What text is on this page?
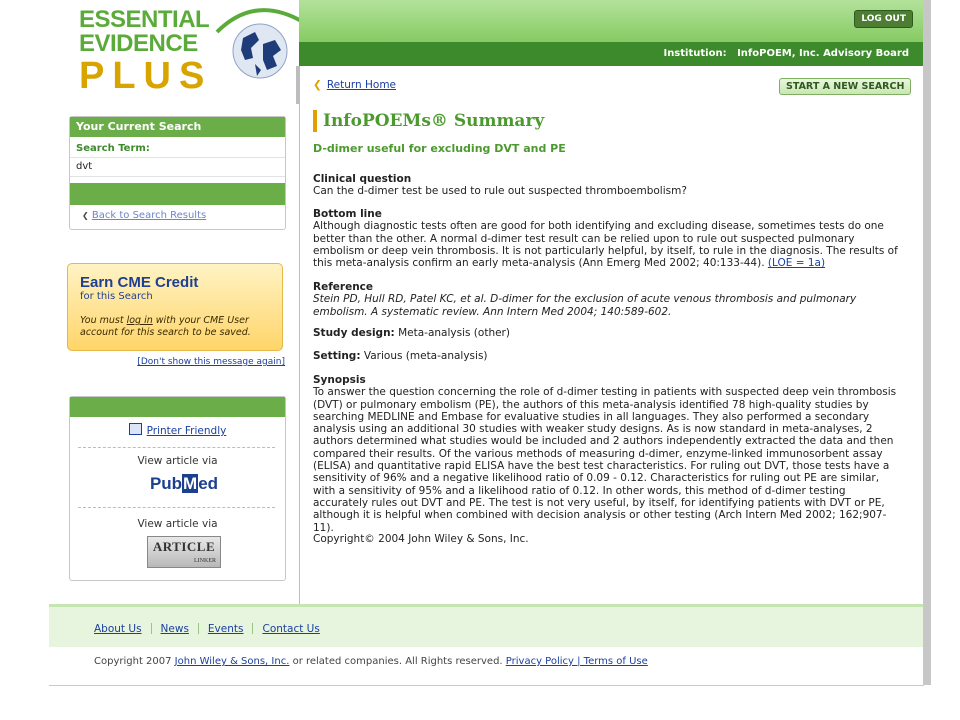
ESSENTIAL
EVIDENCE
PLUS
LOG OUT
Institution: InfoPOEM, Inc. Advisory Board
Your Current Search
Search Term:
dvt
❮ Back to Search Results
Earn CME Credit
for this Search
You must log in with your CME User account for this search to be saved.
[Don't show this message again]
Printer Friendly
View article via
PubMed
View article via
ARTICLE
LINKER
❮ Return Home	START A NEW SEARCH
InfoPOEMs® Summary
D-dimer useful for excluding DVT and PE
Clinical question
Can the d-dimer test be used to rule out suspected thromboembolism?
Bottom line
Although diagnostic tests often are good for both identifying and excluding disease, sometimes tests do one better than the other. A normal d-dimer test result can be relied upon to rule out suspected pulmonary embolism or deep vein thrombosis. It is not particularly helpful, by itself, to rule in the diagnosis. The results of this meta-analysis confirm an early meta-analysis (Ann Emerg Med 2002; 40:133-44). (LOE = 1a)
Reference
Stein PD, Hull RD, Patel KC, et al. D-dimer for the exclusion of acute venous thrombosis and pulmonary embolism. A systematic review. Ann Intern Med 2004; 140:589-602.
Study design: Meta-analysis (other)
Setting: Various (meta-analysis)
Synopsis
To answer the question concerning the role of d-dimer testing in patients with suspected deep vein thrombosis (DVT) or pulmonary embolism (PE), the authors of this meta-analysis identified 78 high-quality studies by searching MEDLINE and Embase for evaluative studies in all languages. They also performed a secondary analysis using an additional 30 studies with weaker study designs. As is now standard in meta-analyses, 2 authors determined what studies would be included and 2 authors independently extracted the data and then compared their results. Of the various methods of measuring d-dimer, enzyme-linked immunosorbent assay (ELISA) and quantitative rapid ELISA have the best test characteristics. For ruling out DVT, those tests have a sensitivity of 96% and a negative likelihood ratio of 0.09 - 0.12. Characteristics for ruling out PE are similar, with a sensitivity of 95% and a likelihood ratio of 0.12. In other words, this method of d-dimer testing accurately rules out DVT and PE. The test is not very useful, by itself, for identifying patients with DVT or PE, although it is helpful when combined with decision analysis or other testing (Arch Intern Med 2002; 162;907-11).
Copyright© 2004 John Wiley & Sons, Inc.
About Us News Events Contact Us
Copyright 2007 John Wiley & Sons, Inc. or related companies. All Rights reserved. Privacy Policy | Terms of Use
